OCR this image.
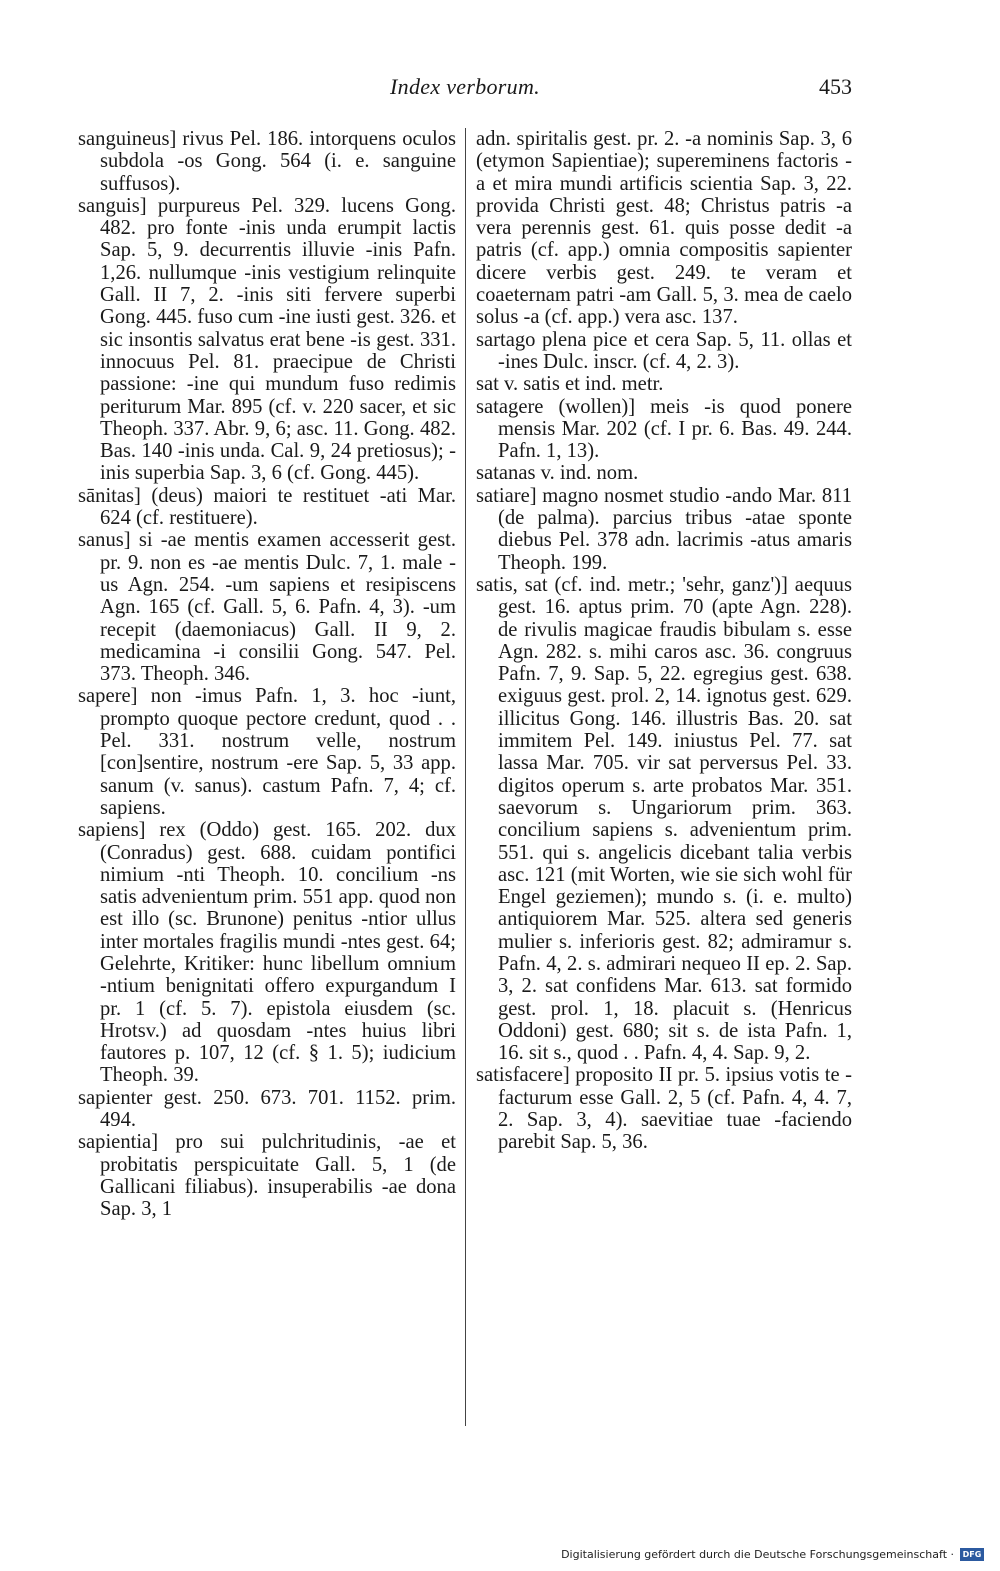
Index verborum.	453

sanguineus] rivus Pel. 186. intorquens oculos subdola -os Gong. 564 (i. e. sanguine suffusos).

sanguis] purpureus Pel. 329. lucens Gong. 482. pro fonte -inis unda erumpit lactis Sap. 5, 9. decurrentis illuvie -inis Pafn. 1,26. nullumque -inis vestigium relinquite Gall. II 7, 2. -inis siti fervere superbi Gong. 445. fuso cum -ine iusti gest. 326. et sic insontis salvatus erat bene -is gest. 331. innocuus Pel. 81. praecipue de Christi passione: -ine qui mundum fuso redimis periturum Mar. 895 (cf. v. 220 sacer, et sic Theoph. 337. Abr. 9, 6; asc. 11. Gong. 482. Bas. 140 -inis unda. Cal. 9, 24 pretiosus); -inis superbia Sap. 3, 6 (cf. Gong. 445).

sānitas] (deus) maiori te restituet -ati Mar. 624 (cf. restituere).

sanus] si -ae mentis examen accesserit gest. pr. 9. non es -ae mentis Dulc. 7, 1. male -us Agn. 254. -um sapiens et resipiscens Agn. 165 (cf. Gall. 5, 6. Pafn. 4, 3). -um recepit (daemoniacus) Gall. II 9, 2. medicamina -i consilii Gong. 547. Pel. 373. Theoph. 346.

sapere] non -imus Pafn. 1, 3. hoc -iunt, prompto quoque pectore credunt, quod . . Pel. 331. nostrum velle, nostrum [con]sentire, nostrum -ere Sap. 5, 33 app. sanum (v. sanus). castum Pafn. 7, 4; cf. sapiens.

sapiens] rex (Oddo) gest. 165. 202. dux (Conradus) gest. 688. cuidam pontifici nimium -nti Theoph. 10. concilium -ns satis advenientum prim. 551 app. quod non est illo (sc. Brunone) penitus -ntior ullus inter mortales fragilis mundi -ntes gest. 64; Gelehrte, Kritiker: hunc libellum omnium -ntium benignitati offero expurgandum I pr. 1 (cf. 5. 7). epistola eiusdem (sc. Hrotsv.) ad quosdam -ntes huius libri fautores p. 107, 12 (cf. § 1. 5); iudicium Theoph. 39.

sapienter gest. 250. 673. 701. 1152. prim. 494.

sapientia] pro sui pulchritudinis, -ae et probitatis perspicuitate Gall. 5, 1 (de Gallicani filiabus). insuperabilis -ae dona Sap. 3, 1

adn. spiritalis gest. pr. 2. -a nominis Sap. 3, 6 (etymon Sapientiae); supereminens factoris -a et mira mundi artificis scientia Sap. 3, 22. provida Christi gest. 48; Christus patris -a vera perennis gest. 61. quis posse dedit -a patris (cf. app.) omnia compositis sapienter dicere verbis gest. 249. te veram et coaeternam patri -am Gall. 5, 3. mea de caelo solus -a (cf. app.) vera asc. 137.

sartago plena pice et cera Sap. 5, 11. ollas et -ines Dulc. inscr. (cf. 4, 2. 3).

sat v. satis et ind. metr.

satagere (wollen)] meis -is quod ponere mensis Mar. 202 (cf. I pr. 6. Bas. 49. 244. Pafn. 1, 13).

satanas v. ind. nom.

satiare] magno nosmet studio -ando Mar. 811 (de palma). parcius tribus -atae sponte diebus Pel. 378 adn. lacrimis -atus amaris Theoph. 199.

satis, sat (cf. ind. metr.; 'sehr, ganz')] aequus gest. 16. aptus prim. 70 (apte Agn. 228). de rivulis magicae fraudis bibulam s. esse Agn. 282. s. mihi caros asc. 36. congruus Pafn. 7, 9. Sap. 5, 22. egregius gest. 638. exiguus gest. prol. 2, 14. ignotus gest. 629. illicitus Gong. 146. illustris Bas. 20. sat immitem Pel. 149. iniustus Pel. 77. sat lassa Mar. 705. vir sat perversus Pel. 33. digitos operum s. arte probatos Mar. 351. saevorum s. Ungariorum prim. 363. concilium sapiens s. advenientum prim. 551. qui s. angelicis dicebant talia verbis asc. 121 (mit Worten, wie sie sich wohl für Engel geziemen); mundo s. (i. e. multo) antiquiorem Mar. 525. altera sed generis mulier s. inferioris gest. 82; admiramur s. Pafn. 4, 2. s. admirari nequeo II ep. 2. Sap. 3, 2. sat confidens Mar. 613. sat formido gest. prol. 1, 18. placuit s. (Henricus Oddoni) gest. 680; sit s. de ista Pafn. 1, 16. sit s., quod . . Pafn. 4, 4. Sap. 9, 2.

satisfacere] proposito II pr. 5. ipsius votis te -facturum esse Gall. 2, 5 (cf. Pafn. 4, 4. 7, 2. Sap. 3, 4). saevitiae tuae -faciendo parebit Sap. 5, 36.

Digitalisierung gefördert durch die Deutsche Forschungsgemeinschaft ·	DFG
